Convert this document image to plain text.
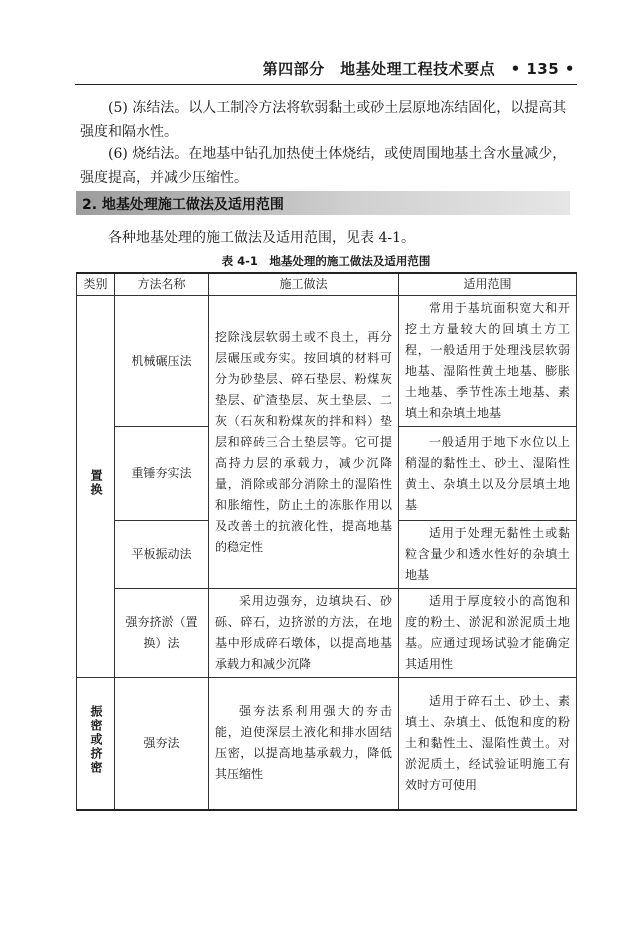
第四部分　地基处理工程技术要点　• 135 •

(5) 冻结法。以人工制冷方法将软弱黏土或砂土层原地冻结固化，以提高其强度和隔水性。

(6) 烧结法。在地基中钻孔加热使土体烧结，或使周围地基土含水量减少，强度提高，并减少压缩性。

2. 地基处理施工做法及适用范围

各种地基处理的施工做法及适用范围，见表 4-1。

表 4-1　地基处理的施工做法及适用范围
类别	方法名称	施工做法	适用范围
置换	机械碾压法	挖除浅层软弱土或不良土，再分层碾压或夯实。按回填的材料可分为砂垫层、碎石垫层、粉煤灰垫层、矿渣垫层、灰土垫层、二灰（石灰和粉煤灰的拌和料）垫层和碎砖三合土垫层等。它可提高持力层的承载力，减少沉降量，消除或部分消除土的湿陷性和胀缩性，防止土的冻胀作用以及改善土的抗液化性，提高地基的稳定性	常用于基坑面积宽大和开挖土方量较大的回填土方工程，一般适用于处理浅层软弱地基、湿陷性黄土地基、膨胀土地基、季节性冻土地基、素填土和杂填土地基

	重锤夯实法		一般适用于地下水位以上稍湿的黏性土、砂土、湿陷性黄土、杂填土以及分层填土地基

	平板振动法		适用于处理无黏性土或黏粒含量少和透水性好的杂填土地基

	强夯挤淤（置换）法	采用边强夯，边填块石、砂砾、碎石，边挤淤的方法，在地基中形成碎石墩体，以提高地基承载力和减少沉降	适用于厚度较小的高饱和度的粉土、淤泥和淤泥质土地基。应通过现场试验才能确定其适用性

振密或挤密	强夯法	强夯法系利用强大的夯击能，迫使深层土液化和排水固结压密，以提高地基承载力，降低其压缩性	适用于碎石土、砂土、素填土、杂填土、低饱和度的粉土和黏性土、湿陷性黄土。对淤泥质土，经试验证明施工有效时方可使用
